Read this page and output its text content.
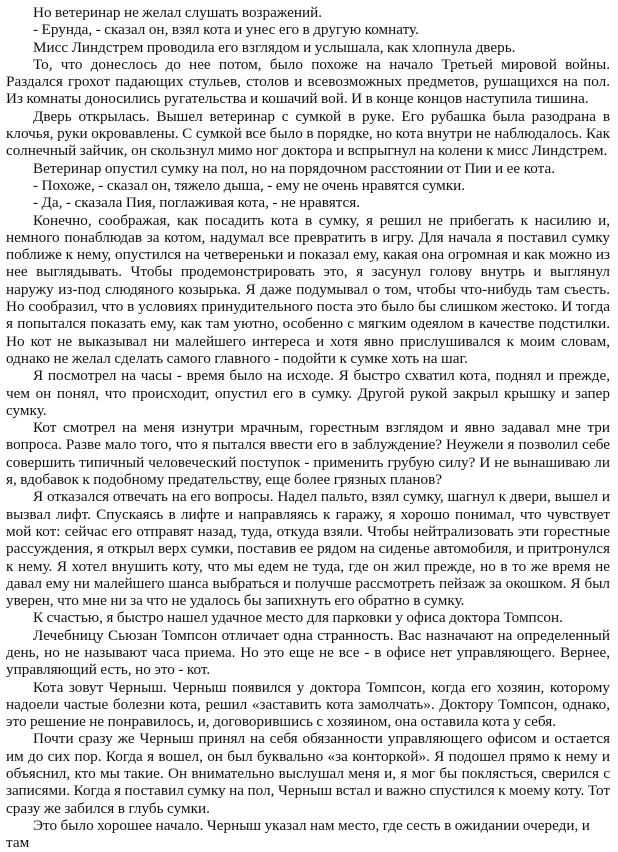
Но ветеринар не желал слушать возражений.

- Ерунда, - сказал он, взял кота и унес его в другую комнату.

Мисс Линдстрем проводила его взглядом и услышала, как хлопнула дверь.

То, что донеслось до нее потом, было похоже на начало Третьей мировой войны. Раздался грохот падающих стульев, столов и всевозможных предметов, рушащихся на пол. Из комнаты доносились ругательства и кошачий вой. И в конце концов наступила тишина.

Дверь открылась. Вышел ветеринар с сумкой в руке. Его рубашка была разодрана в клочья, руки окровавлены. С сумкой все было в порядке, но кота внутри не наблюдалось. Как солнечный зайчик, он скользнул мимо ног доктора и вспрыгнул на колени к мисс Линдстрем.

Ветеринар опустил сумку на пол, но на порядочном расстоянии от Пии и ее кота.

- Похоже, - сказал он, тяжело дыша, - ему не очень нравятся сумки.

- Да, - сказала Пия, поглаживая кота, - не нравятся.

Конечно, соображая, как посадить кота в сумку, я решил не прибегать к насилию и, немного понаблюдав за котом, надумал все превратить в игру. Для начала я поставил сумку поближе к нему, опустился на четвереньки и показал ему, какая она огромная и как можно из нее выглядывать. Чтобы продемонстрировать это, я засунул голову внутрь и выглянул наружу из-под слюдяного козырька. Я даже подумывал о том, чтобы что-нибудь там съесть. Но сообразил, что в условиях принудительного поста это было бы слишком жестоко. И тогда я попытался показать ему, как там уютно, особенно с мягким одеялом в качестве подстилки. Но кот не выказывал ни малейшего интереса и хотя явно прислушивался к моим словам, однако не желал сделать самого главного - подойти к сумке хоть на шаг.

Я посмотрел на часы - время было на исходе. Я быстро схватил кота, поднял и прежде, чем он понял, что происходит, опустил его в сумку. Другой рукой закрыл крышку и запер сумку.

Кот смотрел на меня изнутри мрачным, горестным взглядом и явно задавал мне три вопроса. Разве мало того, что я пытался ввести его в заблуждение? Неужели я позволил себе совершить типичный человеческий поступок - применить грубую силу? И не вынашиваю ли я, вдобавок к подобному предательству, еще более грязных планов?

Я отказался отвечать на его вопросы. Надел пальто, взял сумку, шагнул к двери, вышел и вызвал лифт. Спускаясь в лифте и направляясь к гаражу, я хорошо понимал, что чувствует мой кот: сейчас его отправят назад, туда, откуда взяли. Чтобы нейтрализовать эти горестные рассуждения, я открыл верх сумки, поставив ее рядом на сиденье автомобиля, и притронулся к нему. Я хотел внушить коту, что мы едем не туда, где он жил прежде, но в то же время не давал ему ни малейшего шанса выбраться и получше рассмотреть пейзаж за окошком. Я был уверен, что мне ни за что не удалось бы запихнуть его обратно в сумку.

К счастью, я быстро нашел удачное место для парковки у офиса доктора Томпсон.

Лечебницу Сьюзан Томпсон отличает одна странность. Вас назначают на определенный день, но не называют часа приема. Но это еще не все - в офисе нет управляющего. Вернее, управляющий есть, но это - кот.

Кота зовут Черныш. Черныш появился у доктора Томпсон, когда его хозяин, которому надоели частые болезни кота, решил «заставить кота замолчать». Доктору Томпсон, однако, это решение не понравилось, и, договорившись с хозяином, она оставила кота у себя.

Почти сразу же Черныш принял на себя обязанности управляющего офисом и остается им до сих пор. Когда я вошел, он был буквально «за конторкой». Я подошел прямо к нему и объяснил, кто мы такие. Он внимательно выслушал меня и, я мог бы поклясться, сверился с записями. Когда я поставил сумку на пол, Черныш встал и важно спустился к моему коту. Тот сразу же забился в глубь сумки.

Это было хорошее начало. Черныш указал нам место, где сесть в ожидании очереди, и там
